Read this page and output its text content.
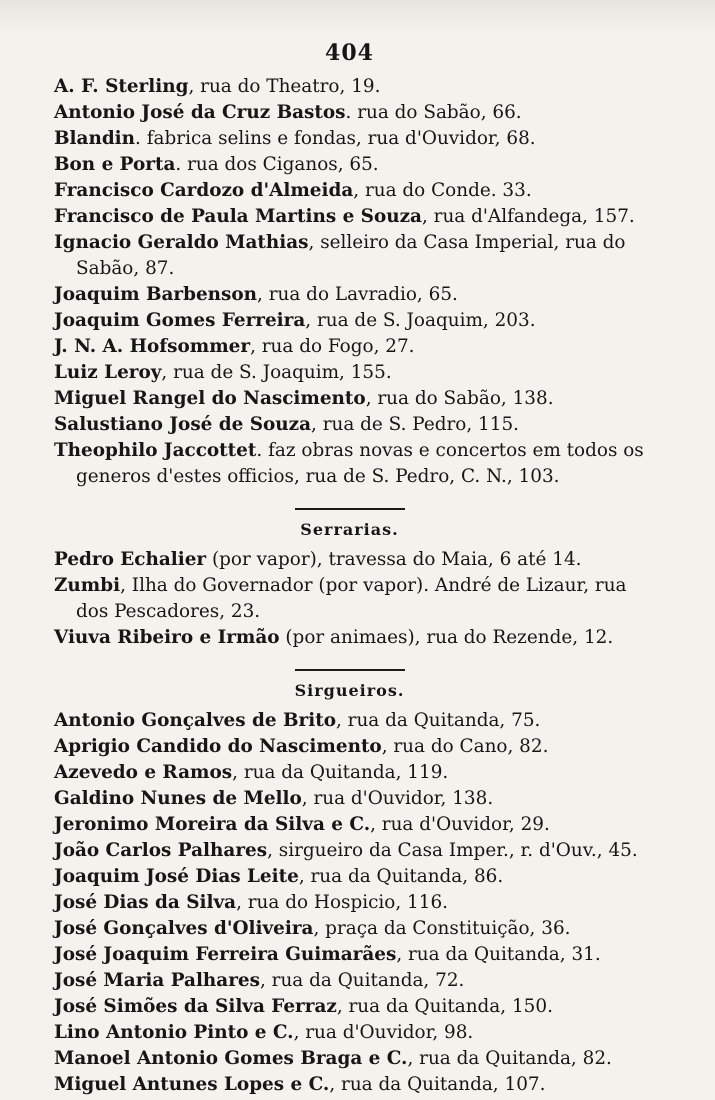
404
A. F. Sterling, rua do Theatro, 19.
Antonio José da Cruz Bastos. rua do Sabão, 66.
Blandin. fabrica selins e fondas, rua d'Ouvidor, 68.
Bon e Porta. rua dos Ciganos, 65.
Francisco Cardozo d'Almeida, rua do Conde. 33.
Francisco de Paula Martins e Souza, rua d'Alfandega, 157.
Ignacio Geraldo Mathias, selleiro da Casa Imperial, rua do Sabão, 87.
Joaquim Barbenson, rua do Lavradio, 65.
Joaquim Gomes Ferreira, rua de S. Joaquim, 203.
J. N. A. Hofsommer, rua do Fogo, 27.
Luiz Leroy, rua de S. Joaquim, 155.
Miguel Rangel do Nascimento, rua do Sabão, 138.
Salustiano José de Souza, rua de S. Pedro, 115.
Theophilo Jaccottet. faz obras novas e concertos em todos os generos d'estes officios, rua de S. Pedro, C. N., 103.
Serrarias.
Pedro Echalier (por vapor), travessa do Maia, 6 até 14.
Zumbi, Ilha do Governador (por vapor). André de Lizaur, rua dos Pescadores, 23.
Viuva Ribeiro e Irmão (por animaes), rua do Rezende, 12.
Sirgueiros.
Antonio Gonçalves de Brito, rua da Quitanda, 75.
Aprigio Candido do Nascimento, rua do Cano, 82.
Azevedo e Ramos, rua da Quitanda, 119.
Galdino Nunes de Mello, rua d'Ouvidor, 138.
Jeronimo Moreira da Silva e C., rua d'Ouvidor, 29.
João Carlos Palhares, sirgueiro da Casa Imper., r. d'Ouv., 45.
Joaquim José Dias Leite, rua da Quitanda, 86.
José Dias da Silva, rua do Hospicio, 116.
José Gonçalves d'Oliveira, praça da Constituição, 36.
José Joaquim Ferreira Guimarães, rua da Quitanda, 31.
José Maria Palhares, rua da Quitanda, 72.
José Simões da Silva Ferraz, rua da Quitanda, 150.
Lino Antonio Pinto e C., rua d'Ouvidor, 98.
Manoel Antonio Gomes Braga e C., rua da Quitanda, 82.
Miguel Antunes Lopes e C., rua da Quitanda, 107.
